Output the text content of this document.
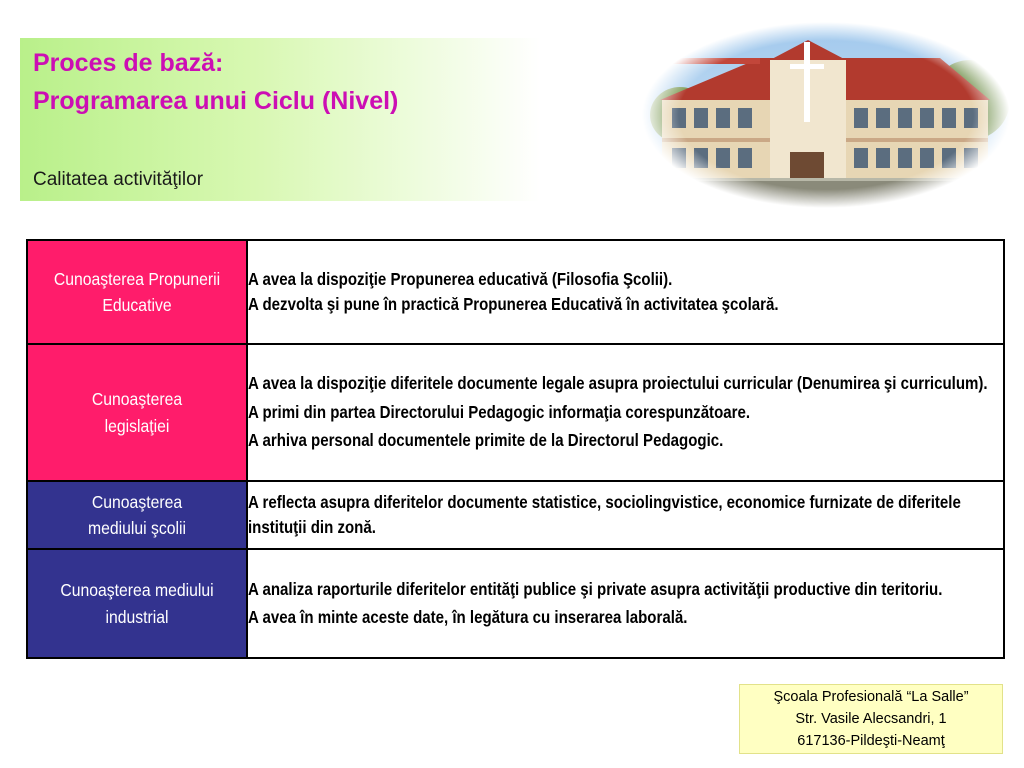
Proces de bază:
Programarea unui Ciclu (Nivel)
Calitatea activităţilor
Cunoaşterea Propunerii Educative	A avea la dispoziţie Propunerea educativă (Filosofia Şcolii).

A dezvolta şi pune în practică Propunerea Educativă în activitatea şcolară.

Cunoaşterea legislaţiei	A avea la dispoziţie diferitele documente legale asupra proiectului curricular (Denumirea şi curriculum).

A primi din partea Directorului Pedagogic informaţia corespunzătoare.

A arhiva personal documentele primite de la Directorul Pedagogic.

Cunoaşterea mediului şcolii	A reflecta asupra diferitelor documente statistice, sociolingvistice, economice furnizate de diferitele instituţii din zonă.

Cunoaşterea mediului industrial	A analiza raporturile diferitelor entităţi publice şi private asupra activităţii productive din teritoriu.

A avea în minte aceste date, în legătura cu inserarea laborală.

Şcoala Profesională “La Salle”
Str. Vasile Alecsandri, 1
617136-Pildeşti-Neamţ
